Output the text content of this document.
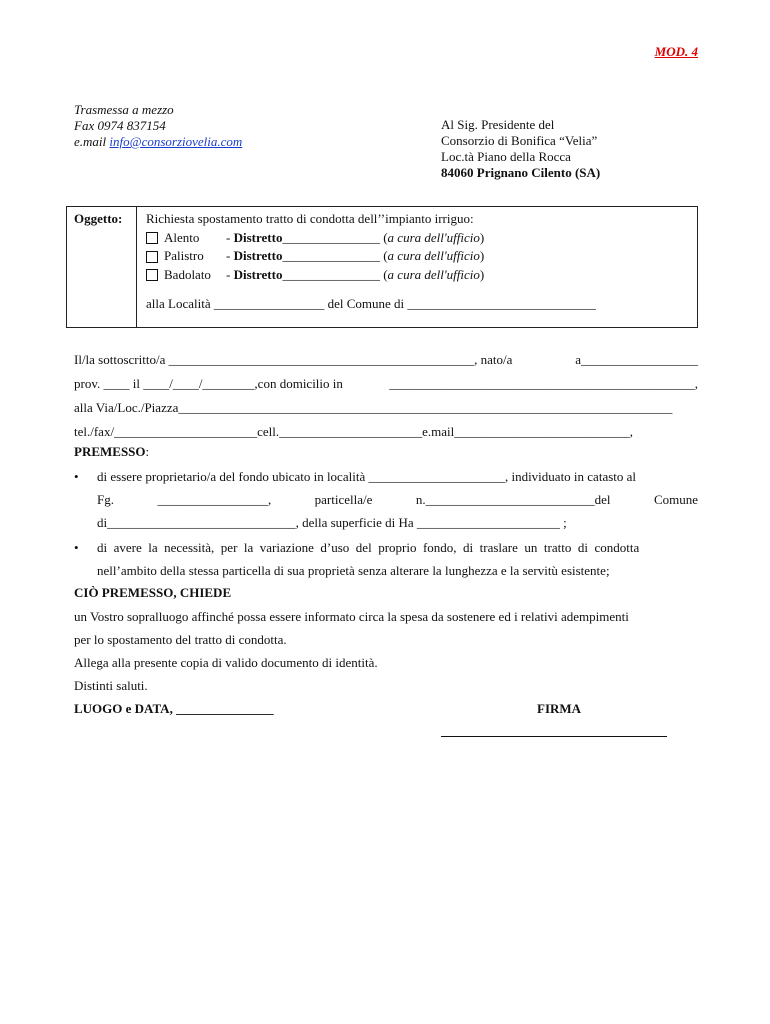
MOD. 4
Trasmessa a mezzo
Fax 0974 837154
e.mail info@consorziovelia.com
Al Sig. Presidente del
Consorzio di Bonifica “Velia”
Loc.tà Piano della Rocca
84060 Prignano Cilento (SA)
Oggetto:	Richiesta spostamento tratto di condotta dell’’impianto irriguo:
Alento	-
Distretto _______________ ( a cura dell'ufficio )
Palistro	-
Distretto _______________ ( a cura dell'ufficio )
Badolato	-
Distretto _______________ ( a cura dell'ufficio )
alla Località _________________ del Comune di _____________________________
Il/la sottoscritto/a _______________________________________________, nato/a	a__________________
prov. ____ il ____/____/________,con domicilio in	_______________________________________________,
alla Via/Loc./Piazza____________________________________________________________________________
tel./fax/______________________cell.______________________e.mail___________________________,
PREMESSO:
• di essere proprietario/a del fondo ubicato in località _____________________, individuato in catasto al
Fg.	_________________,	particella/e	n.__________________________del	Comune
di_____________________________, della superficie di Ha ______________________ ;
• di  avere  la  necessità,  per  la  variazione  d’uso  del  proprio  fondo,  di  traslare  un  tratto  di  condotta
nell’ambito della stessa particella di sua proprietà senza alterare la lunghezza e la servitù esistente;
CIÒ PREMESSO, CHIEDE
un Vostro sopralluogo affinché possa essere informato circa la spesa da sostenere ed i relativi adempimenti
per lo spostamento del tratto di condotta.
Allega alla presente copia di valido documento di identità.
Distinti saluti.
LUOGO e DATA, _______________	FIRMA
